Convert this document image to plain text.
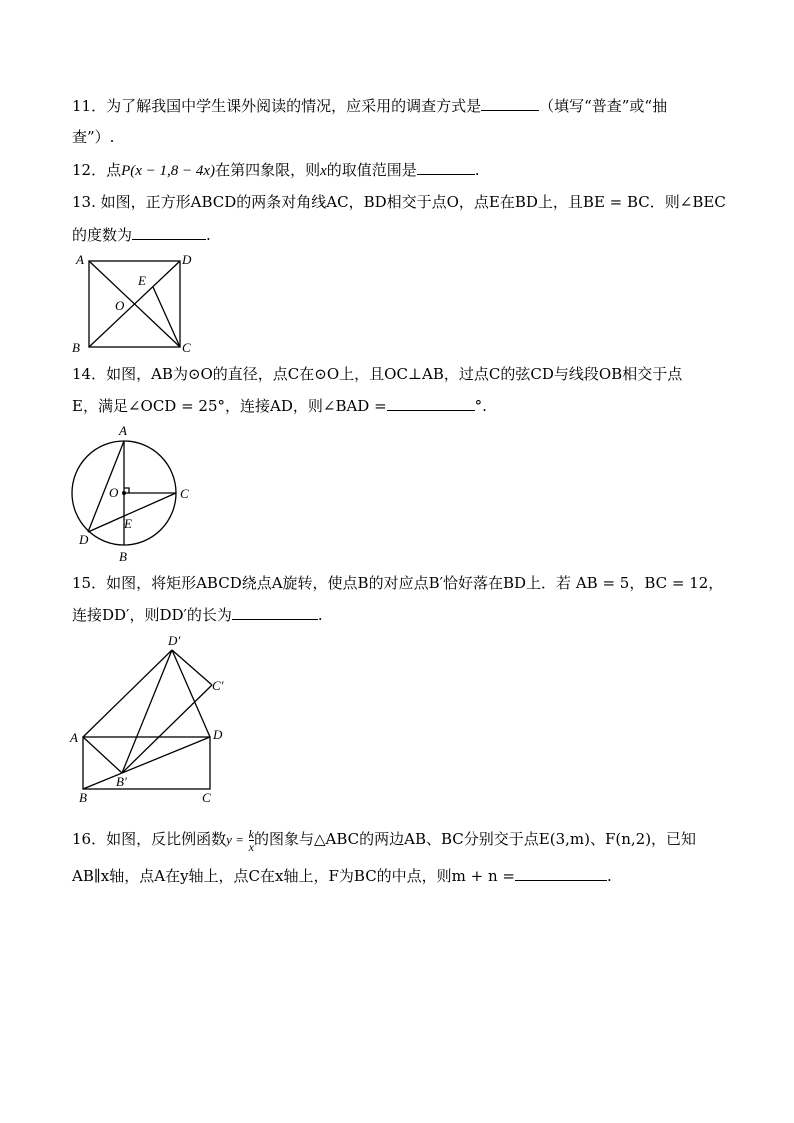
11．为了解我国中学生课外阅读的情况，应采用的调查方式是	（填写“普查”或“抽
查”）.
12．点P(x − 1,8 − 4x)在第四象限，则x的取值范围是	.
13. 如图，正方形ABCD的两条对角线AC，BD相交于点O，点E在BD上，且BE = BC．则∠BEC
的度数为	.
A
B	C
D
O
E
14．如图，AB为⊙O的直径，点C在⊙O上，且OC⊥AB，过点C的弦CD与线段OB相交于点
E，满足∠OCD = 25°，连接AD，则∠BAD =	°.
A
B
C
D
O
E
15．如图，将矩形ABCD绕点A旋转，使点B的对应点B′恰好落在BD上．若 AB = 5，BC = 12，
连接DD′，则DD′的长为	.
A
B	C
D
B′
C′
D′
16．如图，反比例函数$y = \frac{k}{x}$ 的图象与△ABC的两边AB、BC分别交于点E(3,m)、F(n,2)，已知
AB∥x轴，点A在y轴上，点C在x轴上，F为BC的中点，则m + n =	.
